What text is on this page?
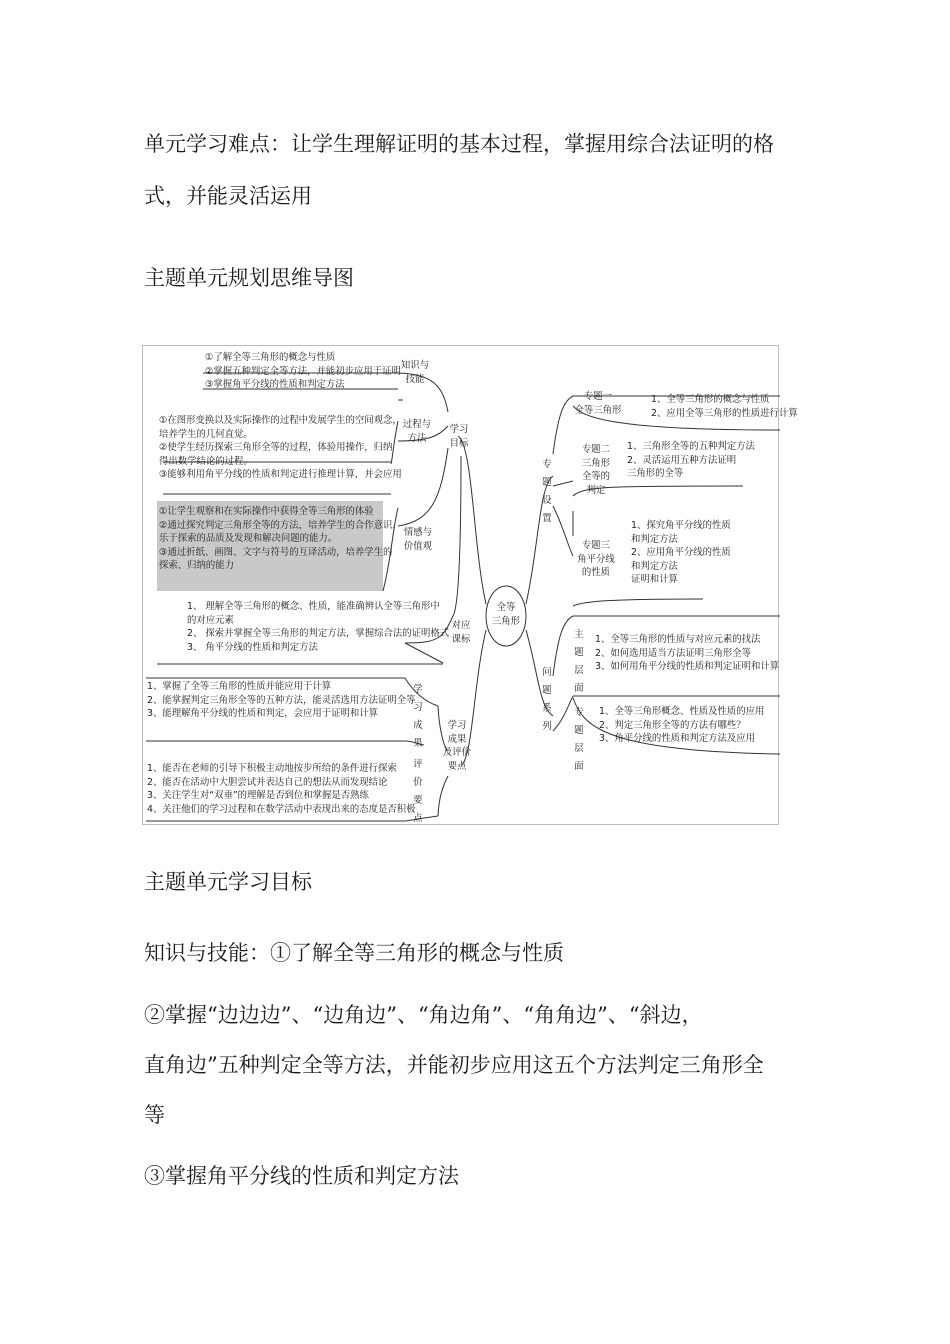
单元学习难点：让学生理解证明的基本过程，掌握用综合法证明的格
式，并能灵活运用
主题单元规划思维导图
全等
三角形
学习
目标
知识与
技能
①了解全等三角形的概念与性质
②掌握五种判定全等方法，并能初步应用于证明
③掌握角平分线的性质和判定方法
过程与
方法
①在图形变换以及实际操作的过程中发展学生的空间观念，
培养学生的几何直觉。
②使学生经历探索三角形全等的过程，体验用操作，归纳
得出数学结论的过程。
③能够利用角平分线的性质和判定进行推理计算，并会应用
情感与
价值观
①让学生观察和在实际操作中获得全等三角形的体验
②通过探究判定三角形全等的方法，培养学生的合作意识，
乐于探索的品质及发现和解决问题的能力。
③通过折纸、画图、文字与符号的互译活动，培养学生的
探索、归纳的能力
对应
课标
1、 理解全等三角形的概念、性质，能准确辨认全等三角形中
的对应元素
2、 探索并掌握全等三角形的判定方法，掌握综合法的证明格式
3、 角平分线的性质和判定方法
学习
成果
及评价
要点
学习成果
1、掌握了全等三角形的性质并能应用于计算
2、能掌握判定三角形全等的五种方法，能灵活选用方法证明全等
3、能理解角平分线的性质和判定，会应用于证明和计算
评价要点
1、能否在老师的引导下积极主动地按步所给的条件进行探索
2、能否在活动中大胆尝试并表达自己的想法从而发现结论
3、关注学生对“双垂”的理解是否到位和掌握是否熟练
4、关注他们的学习过程和在数学活动中表现出来的态度是否积极
专题设置
专题一
全等三角形
1、全等三角形的概念与性质
2、应用全等三角形的性质进行计算
专题二
三角形
全等的
判定
1、三角形全等的五种判定方法
2、灵活运用五种方法证明
三角形的全等
专题三
角平分线
的性质
1、探究角平分线的性质
和判定方法
2、应用角平分线的性质
和判定方法
证明和计算
问题系列
主题层面
1、全等三角形的性质与对应元素的找法
2、如何选用适当方法证明三角形全等
3、如何用角平分线的性质和判定证明和计算
专题层面
1、全等三角形概念、性质及性质的应用
2、判定三角形全等的方法有哪些？
3、角平分线的性质和判定方法及应用
主题单元学习目标
知识与技能：①了解全等三角形的概念与性质
②掌握“边边边”、“边角边”、“角边角”、“角角边”、“斜边，
直角边”五种判定全等方法，并能初步应用这五个方法判定三角形全
等
③掌握角平分线的性质和判定方法
